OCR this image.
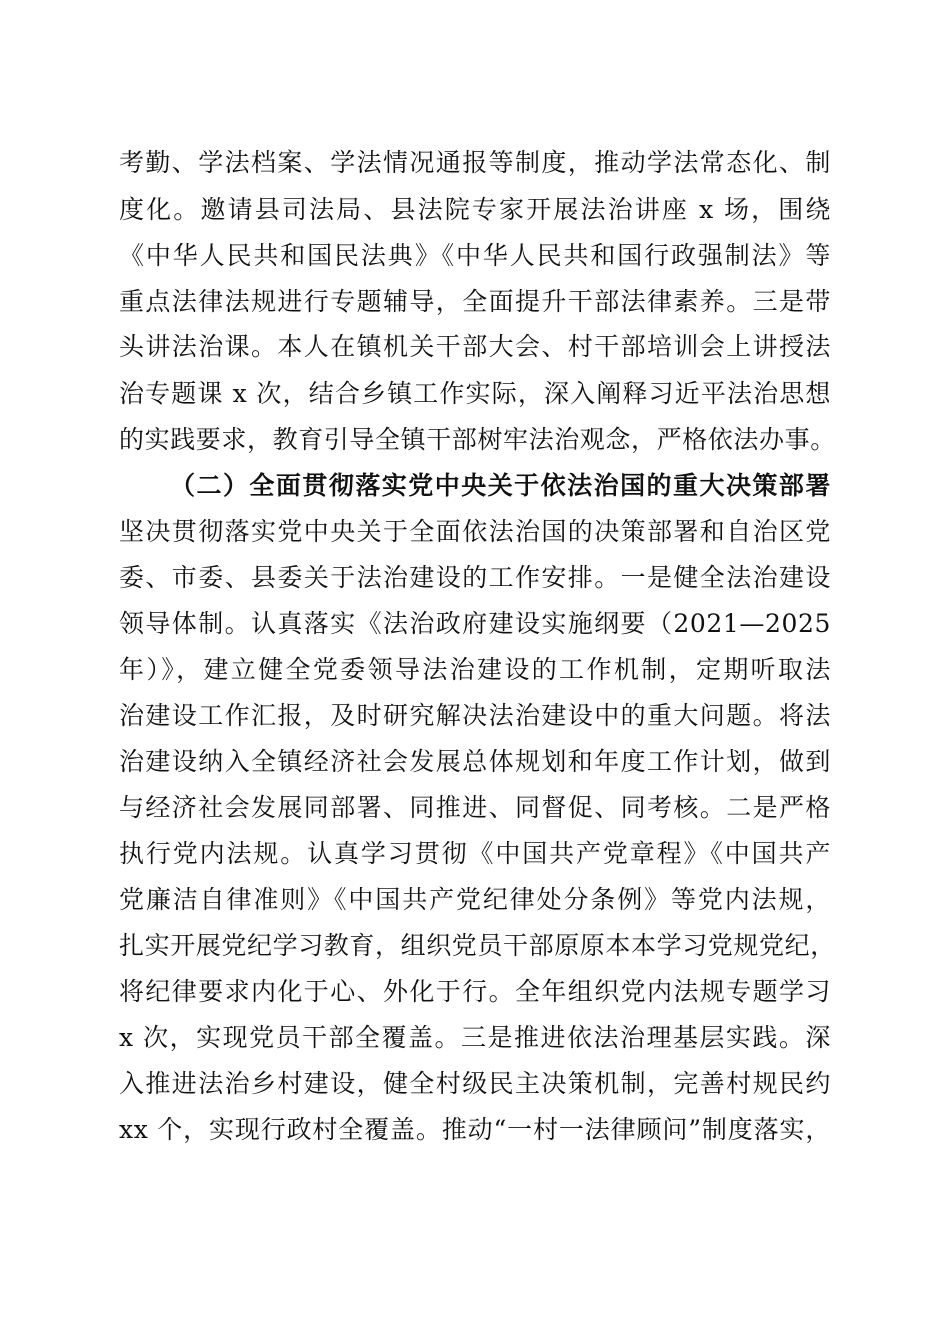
考勤、学法档案、学法情况通报等制度，推动学法常态化、制
度化。邀请县司法局、县法院专家开展法治讲座 x 场，围绕
《中华人民共和国民法典》《中华人民共和国行政强制法》等
重点法律法规进行专题辅导，全面提升干部法律素养。三是带
头讲法治课。本人在镇机关干部大会、村干部培训会上讲授法
治专题课 x 次，结合乡镇工作实际，深入阐释习近平法治思想
的实践要求，教育引导全镇干部树牢法治观念，严格依法办事。
（二）全面贯彻落实党中央关于依法治国的重大决策部署
坚决贯彻落实党中央关于全面依法治国的决策部署和自治区党
委、市委、县委关于法治建设的工作安排。一是健全法治建设
领导体制。认真落实《法治政府建设实施纲要（2021—2025
年）》，建立健全党委领导法治建设的工作机制，定期听取法
治建设工作汇报，及时研究解决法治建设中的重大问题。将法
治建设纳入全镇经济社会发展总体规划和年度工作计划，做到
与经济社会发展同部署、同推进、同督促、同考核。二是严格
执行党内法规。认真学习贯彻《中国共产党章程》《中国共产
党廉洁自律准则》《中国共产党纪律处分条例》等党内法规，
扎实开展党纪学习教育，组织党员干部原原本本学习党规党纪，
将纪律要求内化于心、外化于行。全年组织党内法规专题学习
x 次，实现党员干部全覆盖。三是推进依法治理基层实践。深
入推进法治乡村建设，健全村级民主决策机制，完善村规民约
xx 个，实现行政村全覆盖。推动“一村一法律顾问”制度落实，
